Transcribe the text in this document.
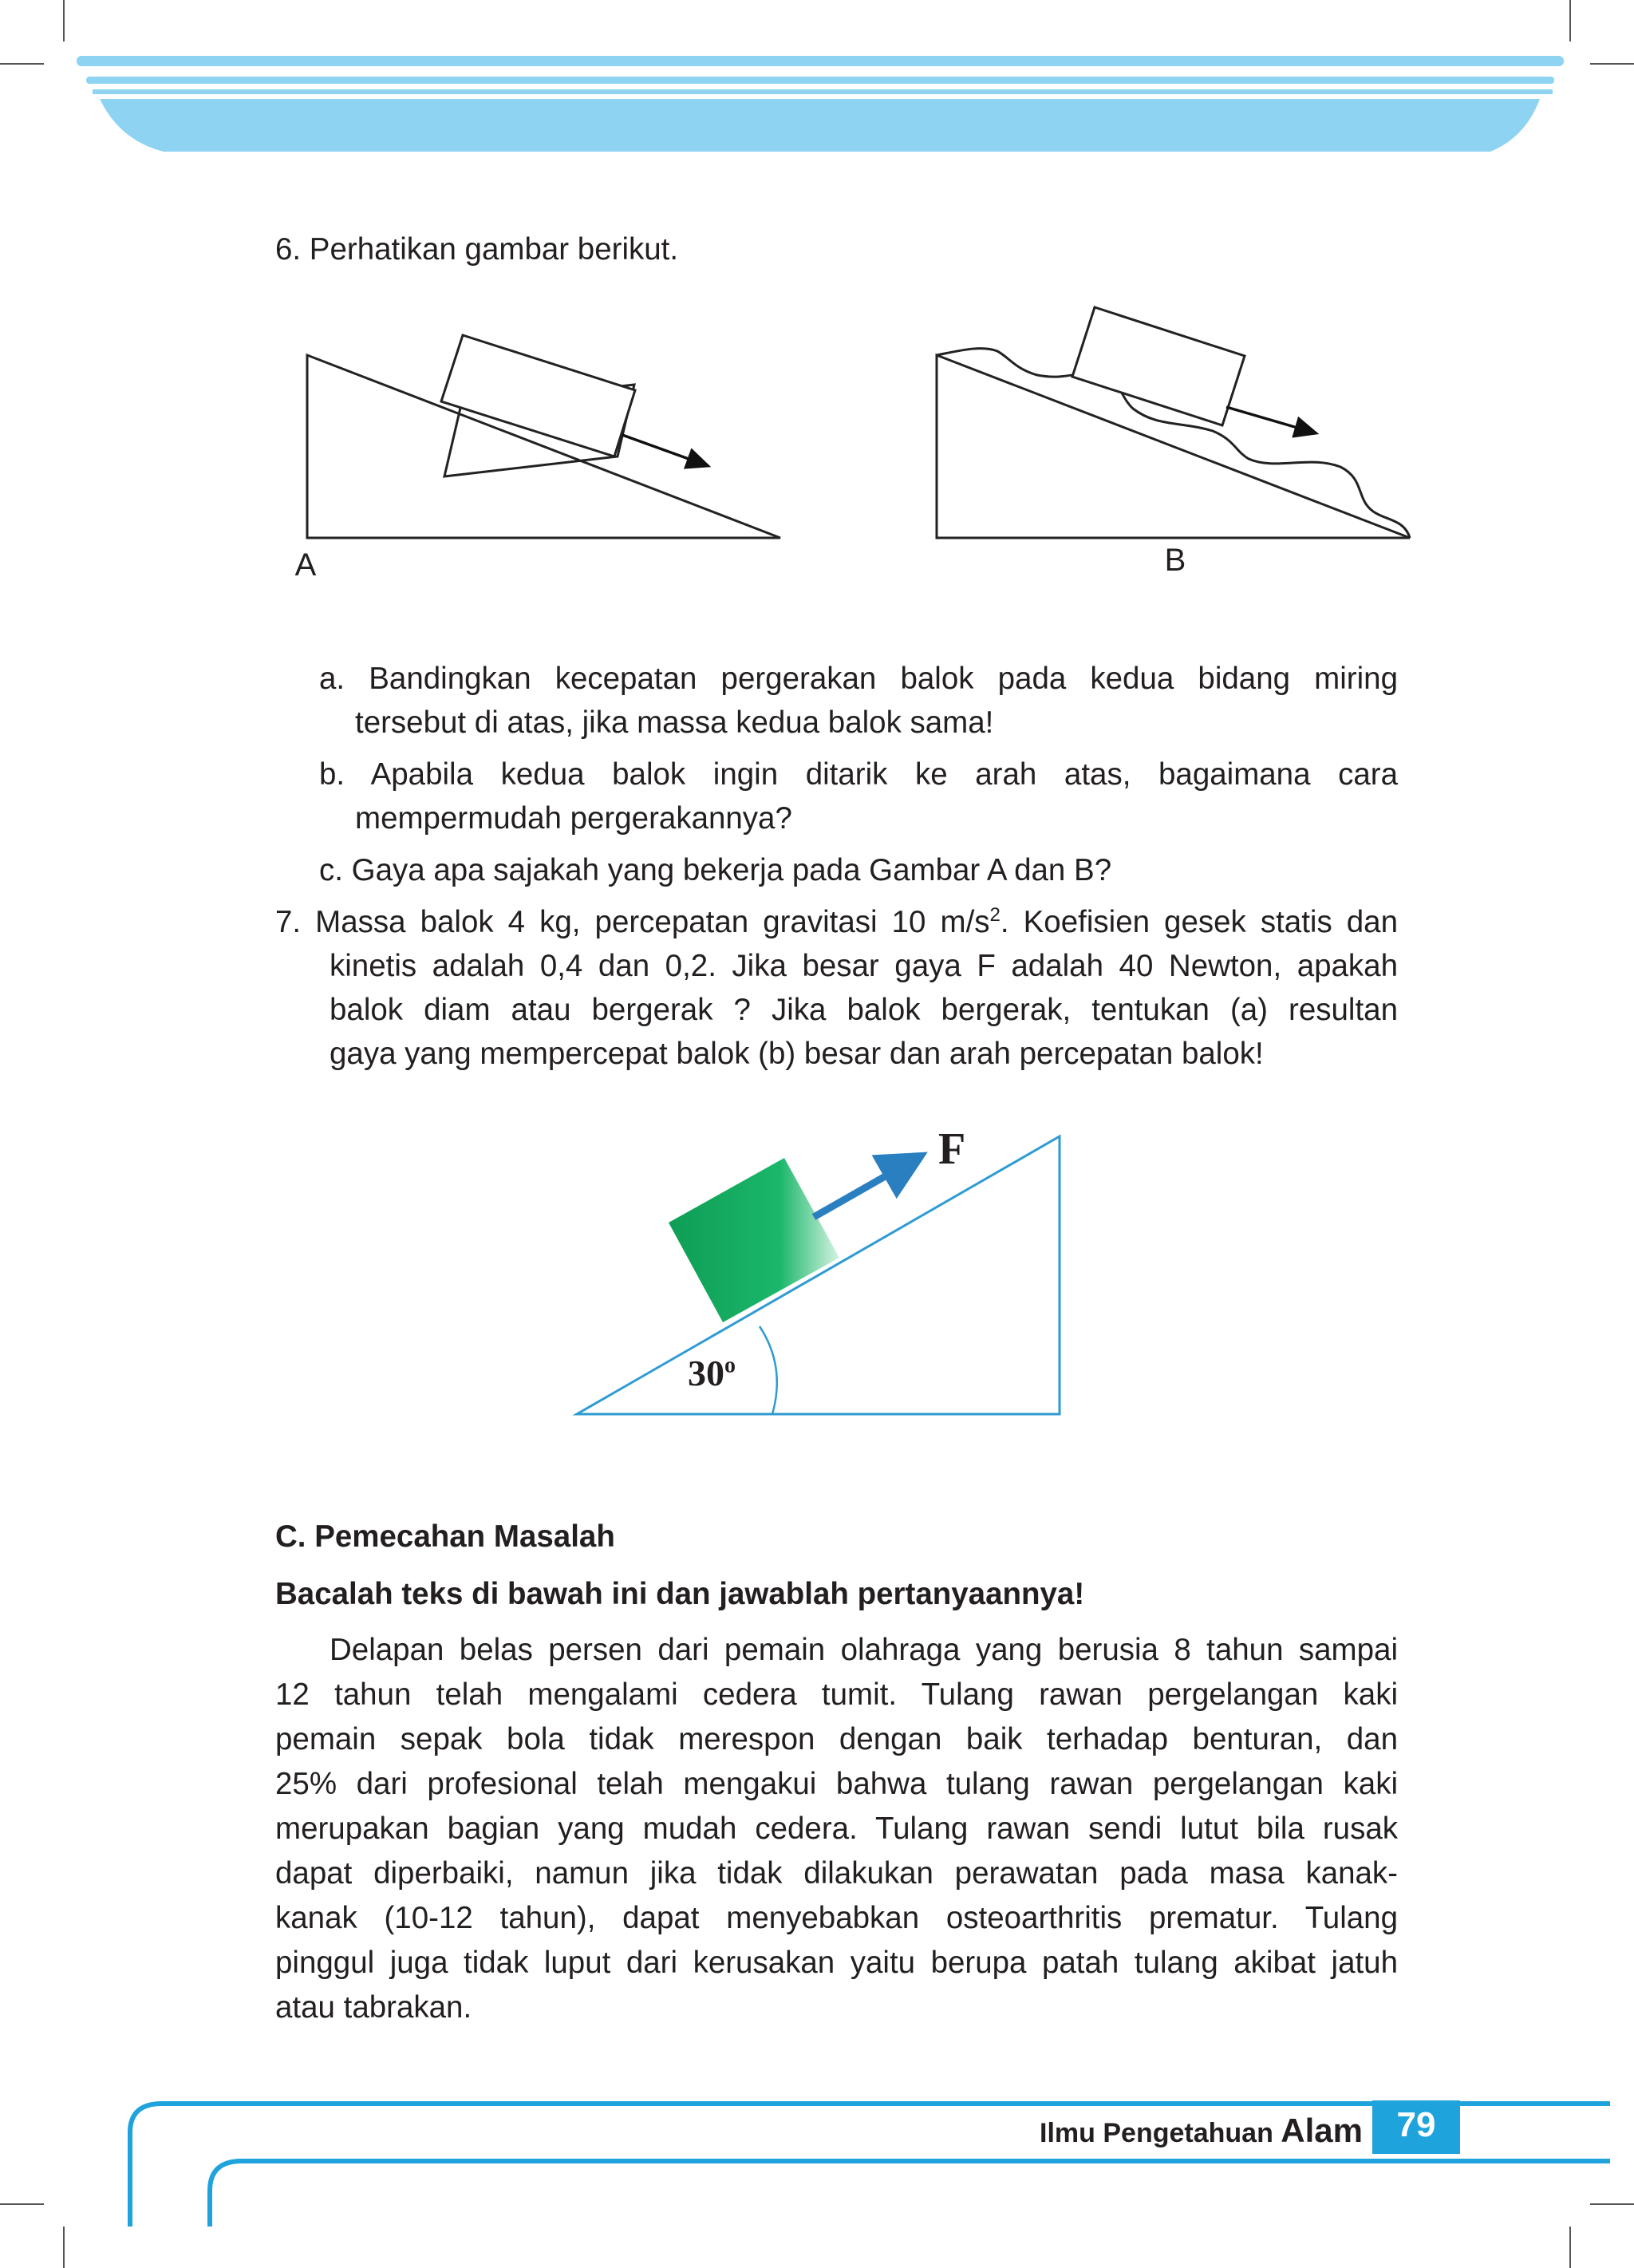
6. Perhatikan gambar berikut.
A	B
F
30$^o$
a. Bandingkan kecepatan pergerakan balok pada kedua bidang miring
tersebut di atas, jika massa kedua balok sama!
b. Apabila kedua balok ingin ditarik ke arah atas, bagaimana cara
mempermudah pergerakannya?
c. Gaya apa sajakah yang bekerja pada Gambar A dan B?
7. Massa balok 4 kg, percepatan gravitasi 10 $m/s^2$. Koefisien gesek statis dan
kinetis adalah 0,4 dan 0,2. Jika besar gaya F adalah 40 Newton, apakah
balok diam atau bergerak ? Jika balok bergerak, tentukan (a) resultan
gaya yang mempercepat balok (b) besar dan arah percepatan balok!
C. Pemecahan Masalah
Bacalah teks di bawah ini dan jawablah pertanyaannya!
Delapan belas persen dari pemain olahraga yang berusia 8 tahun sampai
12 tahun telah mengalami cedera tumit. Tulang rawan pergelangan kaki
pemain sepak bola tidak merespon dengan baik terhadap benturan, dan
25% dari profesional telah mengakui bahwa tulang rawan pergelangan kaki
merupakan bagian yang mudah cedera. Tulang rawan sendi lutut bila rusak
dapat diperbaiki, namun jika tidak dilakukan perawatan pada masa kanak-
kanak (10-12 tahun), dapat menyebabkan osteoarthritis prematur. Tulang
pinggul juga tidak luput dari kerusakan yaitu berupa patah tulang akibat jatuh
atau tabrakan.
Ilmu Pengetahuan Alam 79
